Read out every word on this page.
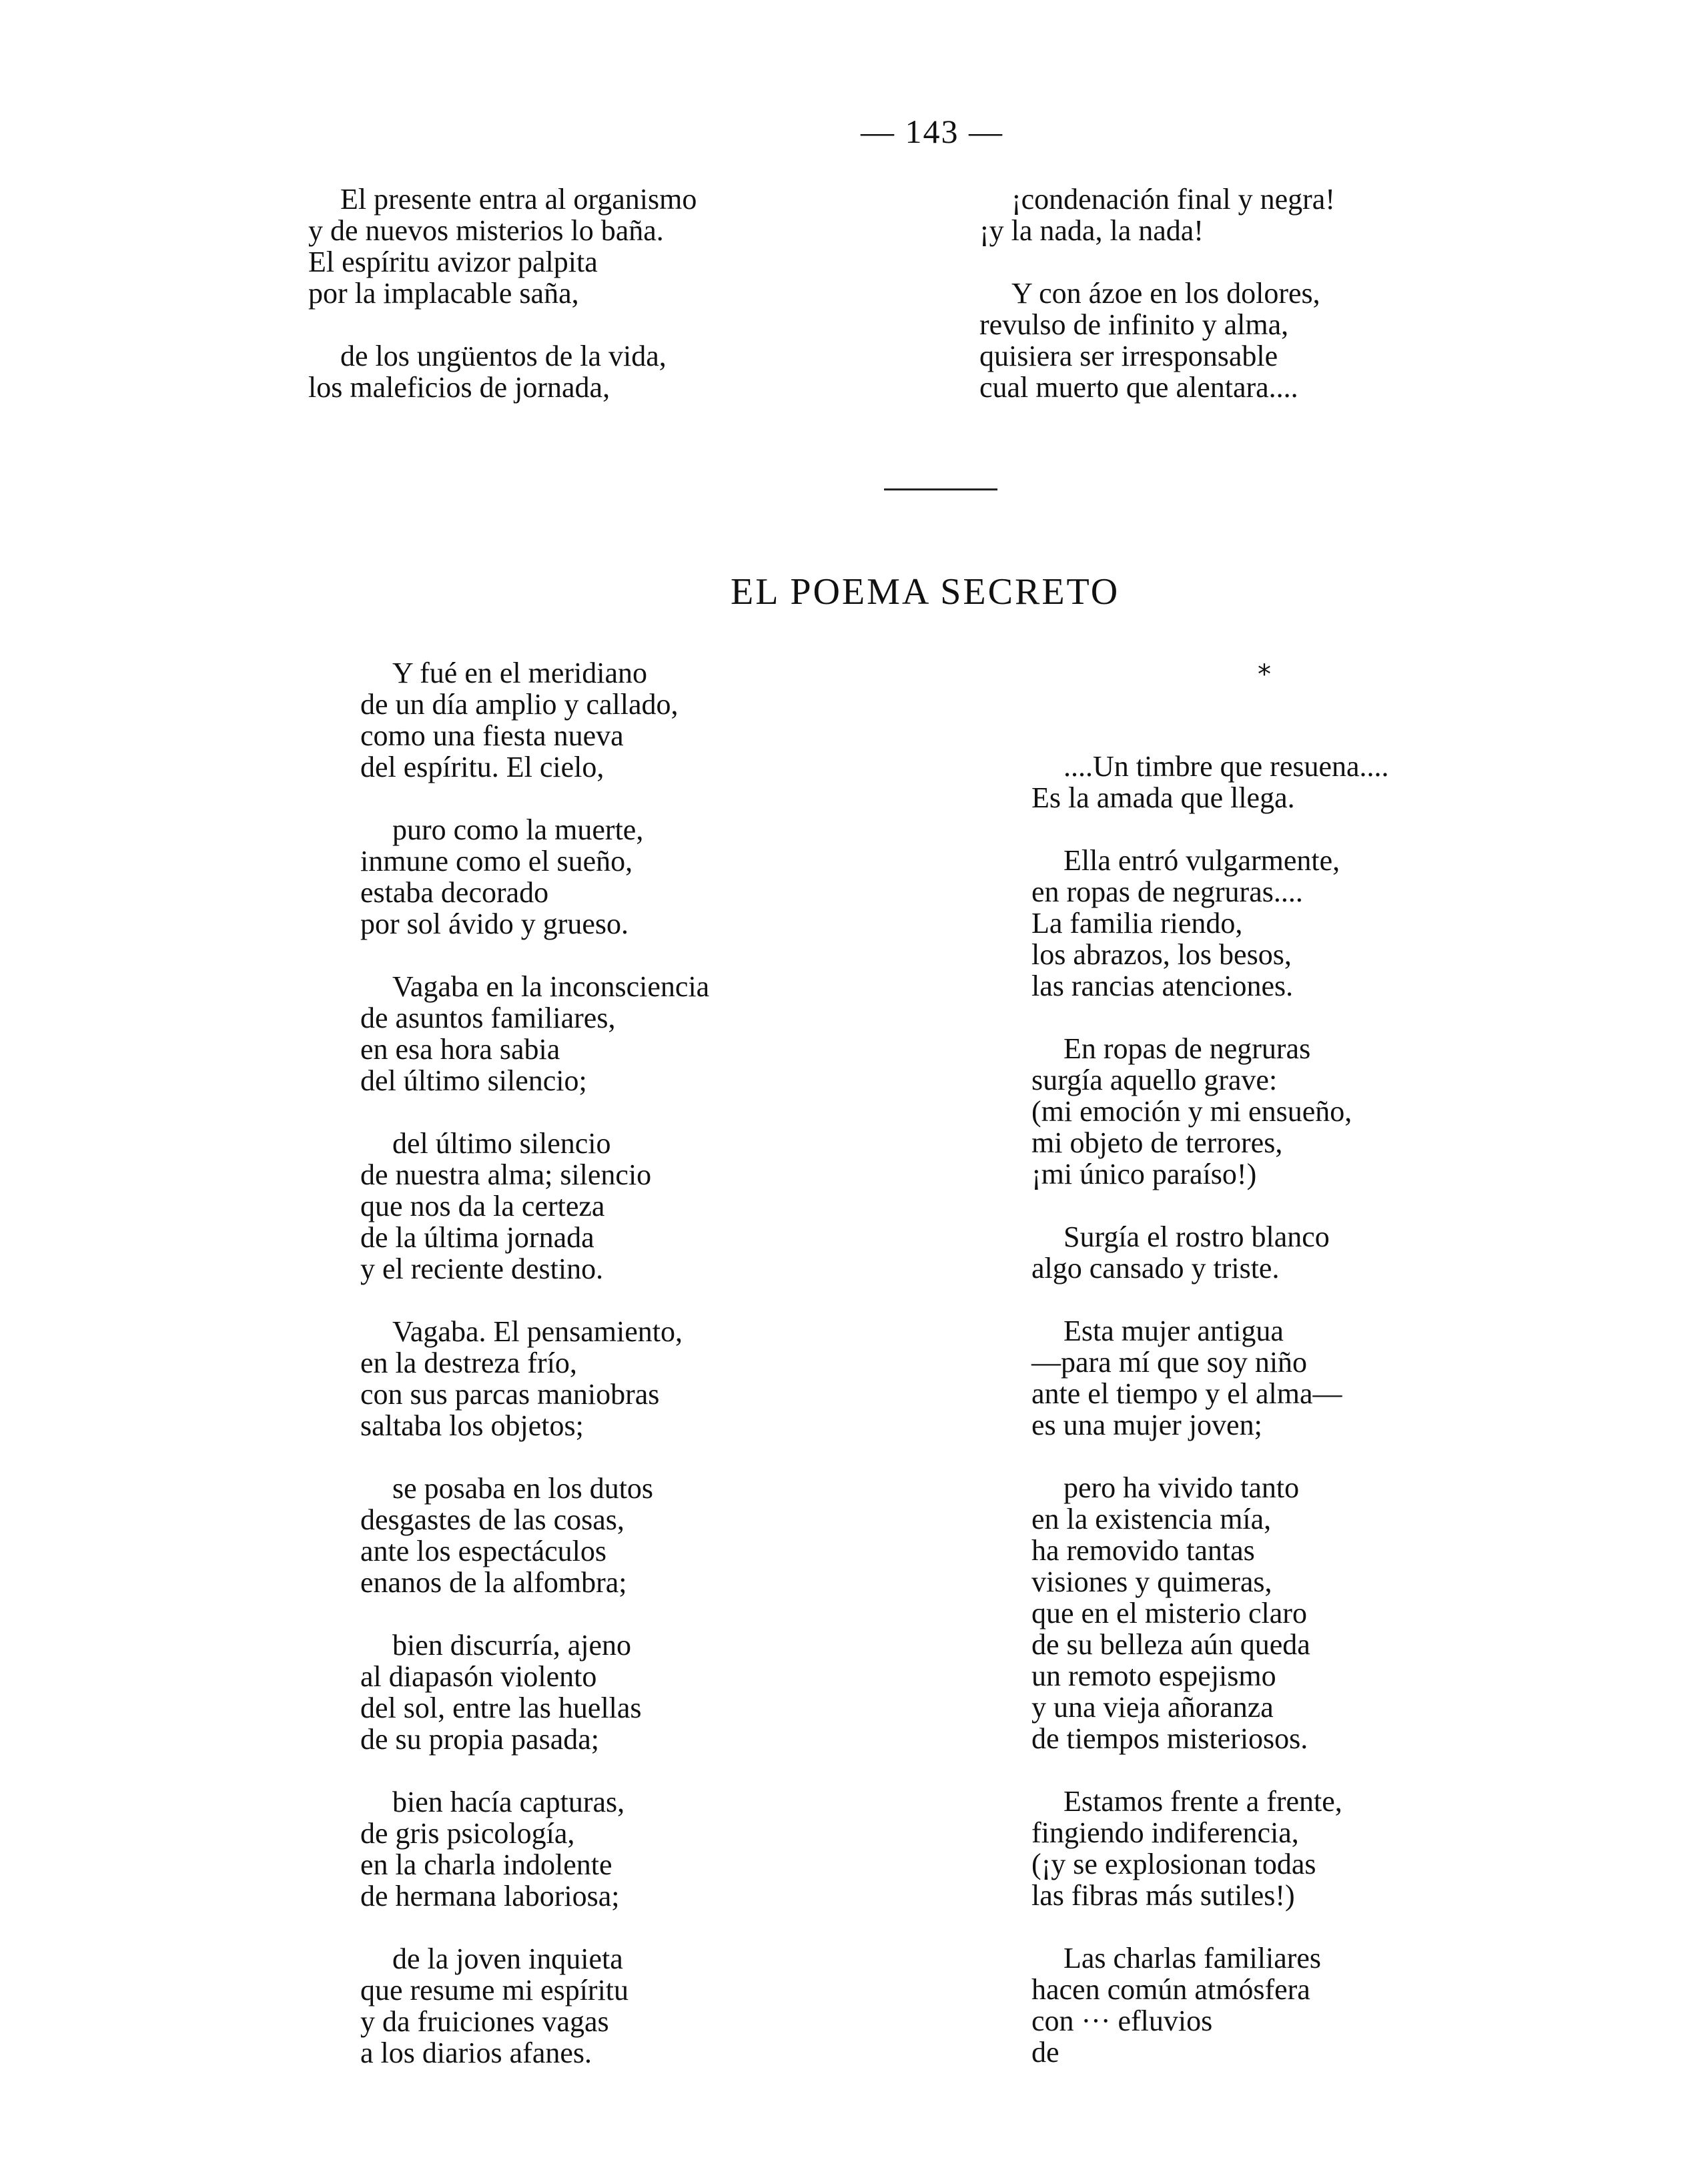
— 143 —
El presente entra al organismo
y de nuevos misterios lo baña.
El espíritu avizor palpita
por la implacable saña,
de los ungüentos de la vida,
los maleficios de jornada,
¡condenación final y negra!
¡y la nada, la nada!
Y con ázoe en los dolores,
revulso de infinito y alma,
quisiera ser irresponsable
cual muerto que alentara....
EL POEMA SECRETO
*
Y fué en el meridiano
de un día amplio y callado,
como una fiesta nueva
del espíritu. El cielo,
puro como la muerte,
inmune como el sueño,
estaba decorado
por sol ávido y grueso.
Vagaba en la inconsciencia
de asuntos familiares,
en esa hora sabia
del último silencio;
del último silencio
de nuestra alma; silencio
que nos da la certeza
de la última jornada
y el reciente destino.
Vagaba. El pensamiento,
en la destreza frío,
con sus parcas maniobras
saltaba los objetos;
se posaba en los dutos
desgastes de las cosas,
ante los espectáculos
enanos de la alfombra;
bien discurría, ajeno
al diapasón violento
del sol, entre las huellas
de su propia pasada;
bien hacía capturas,
de gris psicología,
en la charla indolente
de hermana laboriosa;
de la joven inquieta
que resume mi espíritu
y da fruiciones vagas
a los diarios afanes.
....Un timbre que resuena....
Es la amada que llega.
Ella entró vulgarmente,
en ropas de negruras....
La familia riendo,
los abrazos, los besos,
las rancias atenciones.
En ropas de negruras
surgía aquello grave:
(mi emoción y mi ensueño,
mi objeto de terrores,
¡mi único paraíso!)
Surgía el rostro blanco
algo cansado y triste.
Esta mujer antigua
—para mí que soy niño
ante el tiempo y el alma—
es una mujer joven;
pero ha vivido tanto
en la existencia mía,
ha removido tantas
visiones y quimeras,
que en el misterio claro
de su belleza aún queda
un remoto espejismo
y una vieja añoranza
de tiempos misteriosos.
Estamos frente a frente,
fingiendo indiferencia,
(¡y se explosionan todas
las fibras más sutiles!)
Las charlas familiares
hacen común atmósfera
con ··· efluvios
de
